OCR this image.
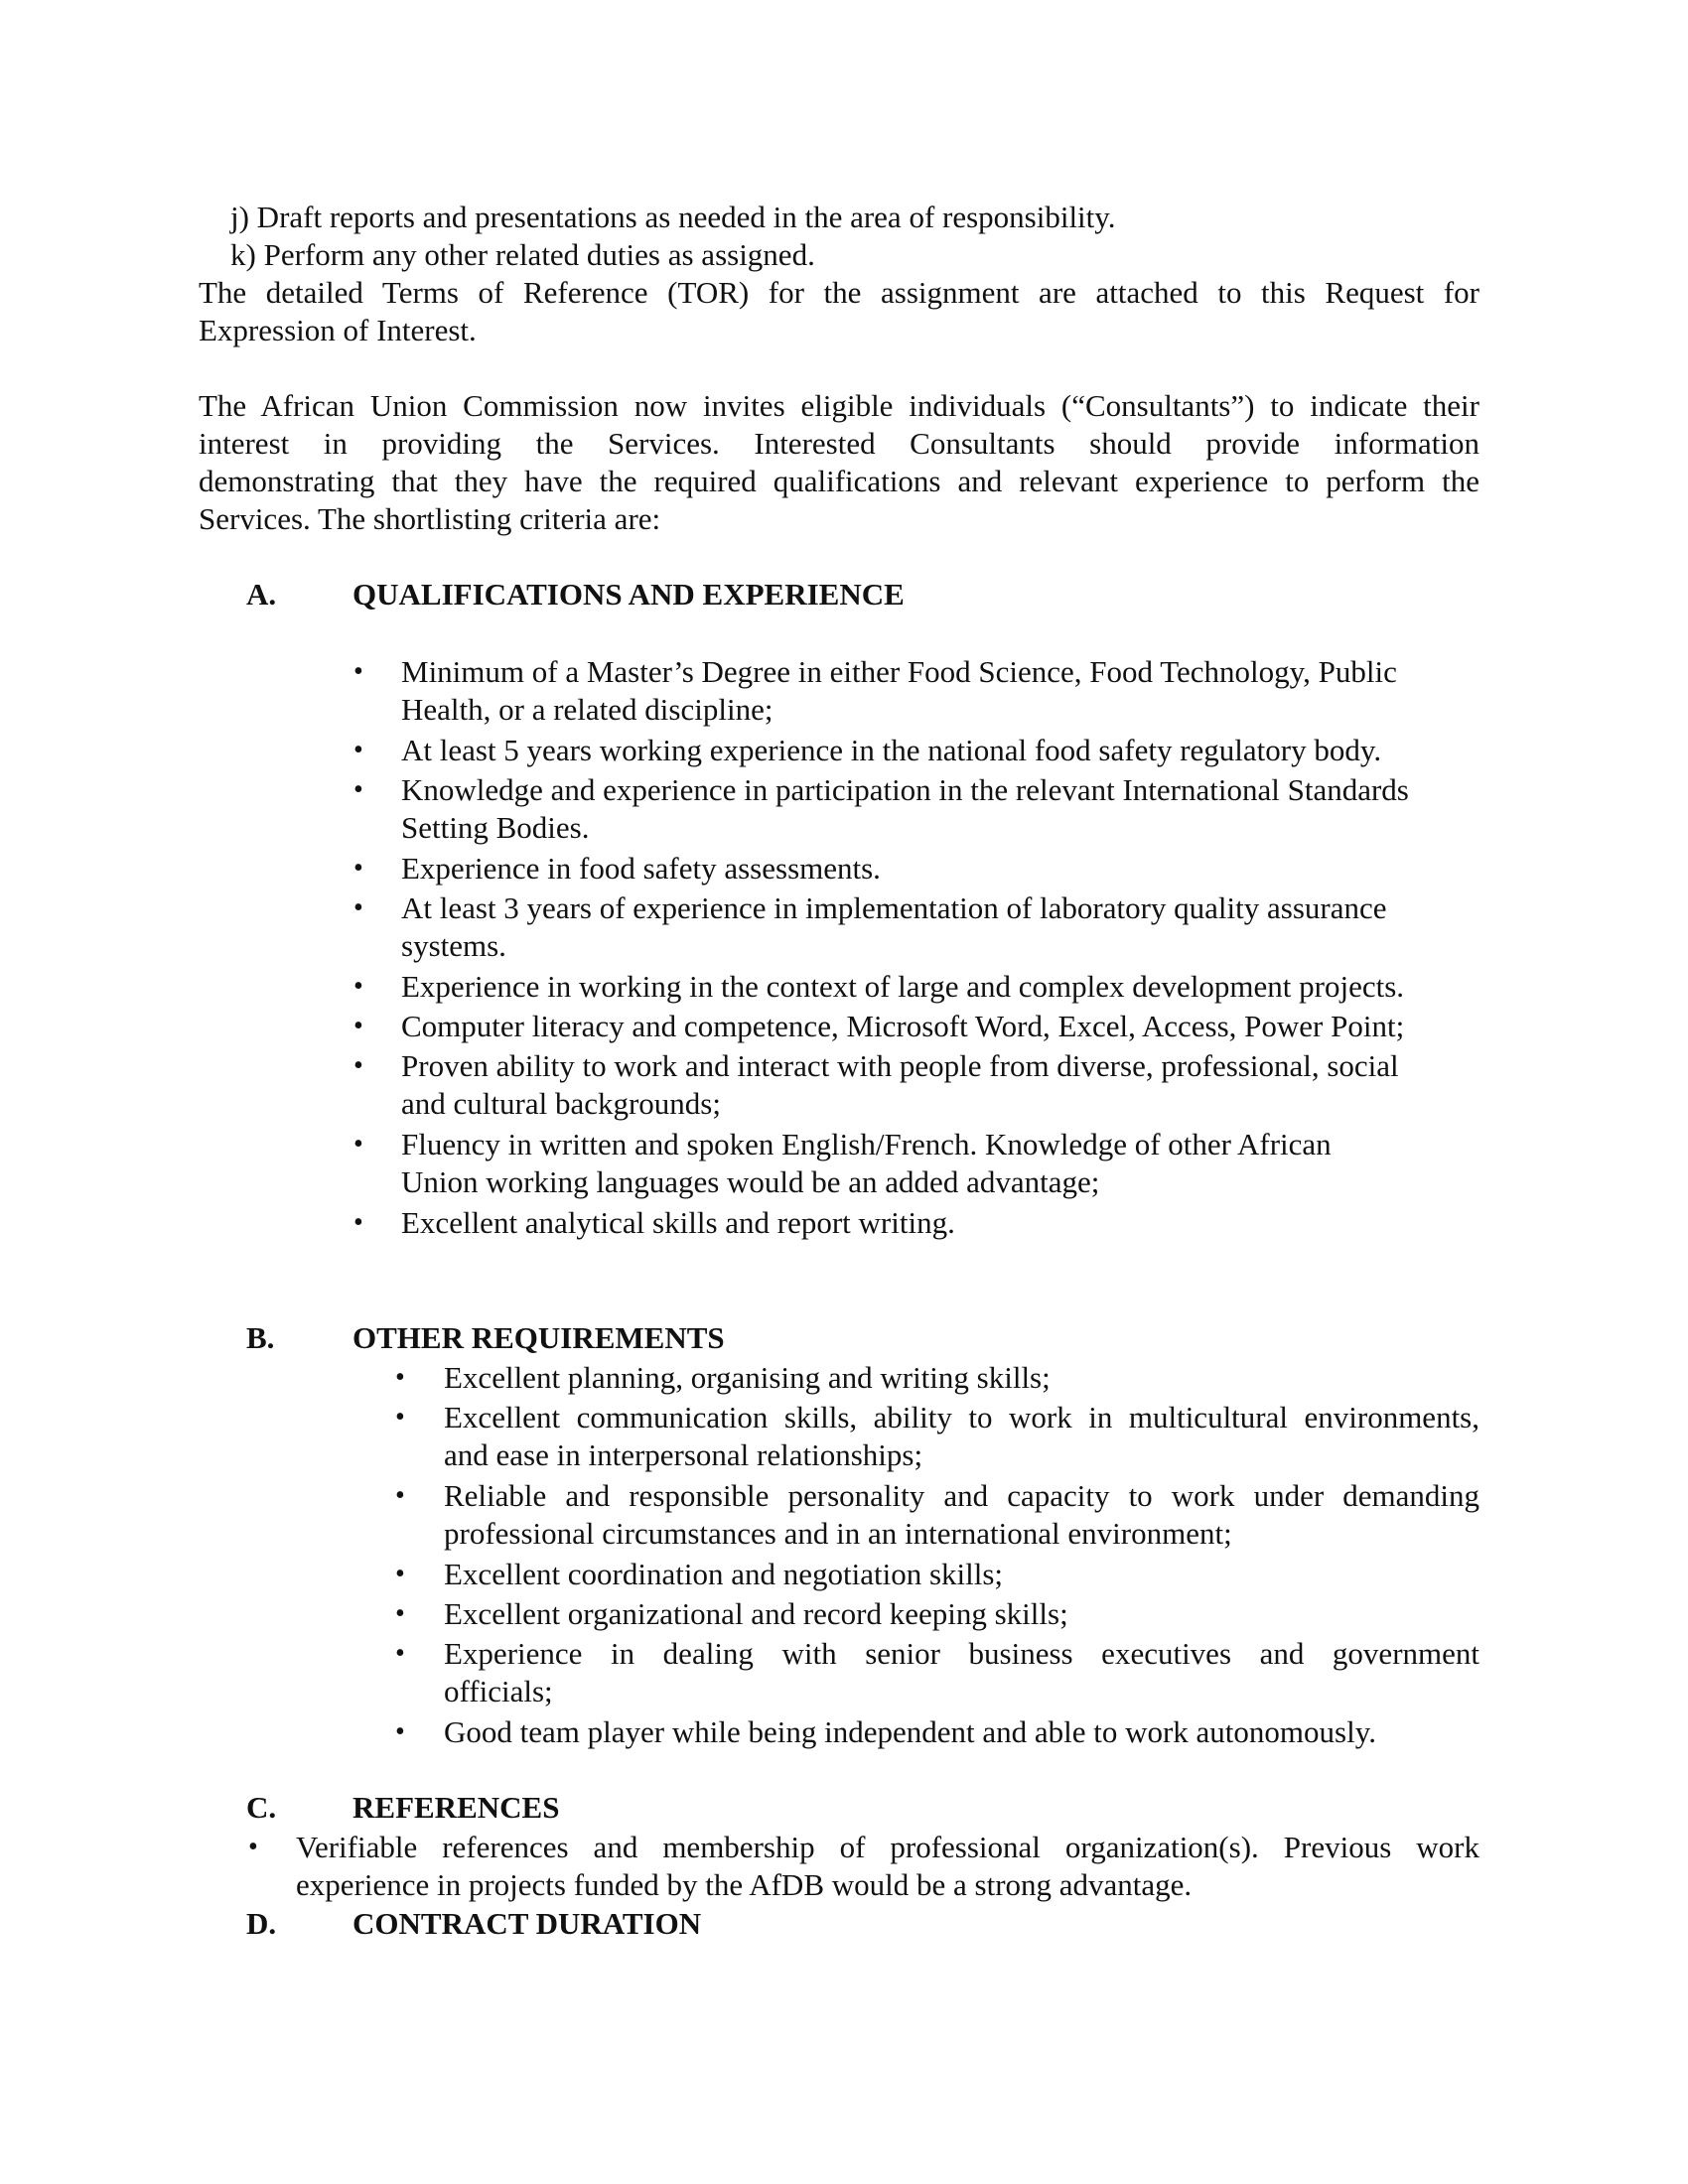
j) Draft reports and presentations as needed in the area of responsibility.
k) Perform any other related duties as assigned.
The detailed Terms of Reference (TOR) for the assignment are attached to this Request for
Expression of Interest.
The African Union Commission now invites eligible individuals (“Consultants”) to indicate their
interest in providing the Services. Interested Consultants should provide information
demonstrating that they have the required qualifications and relevant experience to perform the
Services. The shortlisting criteria are:
A. QUALIFICATIONS AND EXPERIENCE
• Minimum of a Master’s Degree in either Food Science, Food Technology, Public
Health, or a related discipline;
• At least 5 years working experience in the national food safety regulatory body.
• Knowledge and experience in participation in the relevant International Standards
Setting Bodies.
• Experience in food safety assessments.
• At least 3 years of experience in implementation of laboratory quality assurance
systems.
• Experience in working in the context of large and complex development projects.
• Computer literacy and competence, Microsoft Word, Excel, Access, Power Point;
• Proven ability to work and interact with people from diverse, professional, social
and cultural backgrounds;
• Fluency in written and spoken English/French. Knowledge of other African
Union working languages would be an added advantage;
• Excellent analytical skills and report writing.
B.	OTHER REQUIREMENTS
• Excellent planning, organising and writing skills;
• Excellent communication skills, ability to work in multicultural environments,
and ease in interpersonal relationships;
• Reliable and responsible personality and capacity to work under demanding
professional circumstances and in an international environment;
• Excellent coordination and negotiation skills;
• Excellent organizational and record keeping skills;
• Experience in dealing with senior business executives and government
officials;
• Good team player while being independent and able to work autonomously.
C. REFERENCES
• Verifiable references and membership of professional organization(s). Previous work
experience in projects funded by the AfDB would be a strong advantage.
D. CONTRACT DURATION
